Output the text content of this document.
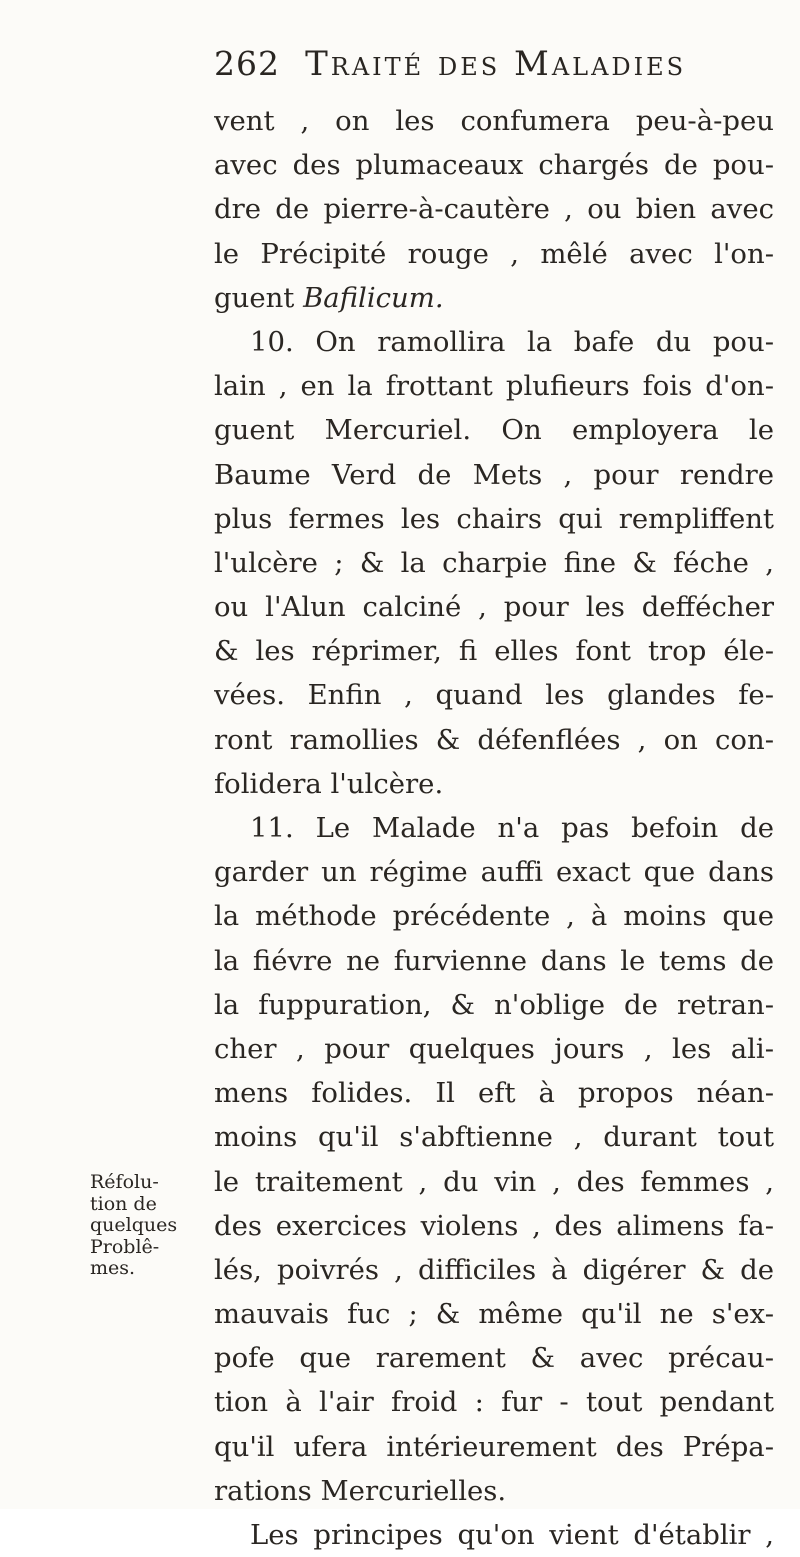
262 Traité des Maladies
vent , on les confumera peu-à-peu
avec des plumaceaux chargés de pou-
dre de pierre-à-cautère , ou bien avec
le Précipité rouge , mêlé avec l'on-
guent Bafilicum.
10. On ramollira la bafe du pou-
lain , en la frottant plufieurs fois d'on-
guent Mercuriel. On employera le
Baume Verd de Mets , pour rendre
plus fermes les chairs qui rempliffent
l'ulcère ; & la charpie fine & féche ,
ou l'Alun calciné , pour les deffécher
& les réprimer, fi elles font trop éle-
vées. Enfin , quand les glandes fe-
ront ramollies & défenflées , on con-
folidera l'ulcère.
11. Le Malade n'a pas befoin de
garder un régime auffi exact que dans
la méthode précédente , à moins que
la fiévre ne furvienne dans le tems de
la fuppuration, & n'oblige de retran-
cher , pour quelques jours , les ali-
mens folides. Il eft à propos néan-
moins qu'il s'abftienne , durant tout
le traitement , du vin , des femmes ,
des exercices violens , des alimens fa-
lés, poivrés , difficiles à digérer & de
mauvais fuc ; & même qu'il ne s'ex-
pofe que rarement & avec précau-
tion à l'air froid : fur - tout pendant
qu'il ufera intérieurement des Prépa-
rations Mercurielles.
Les principes qu'on vient d'établir ,
Réfolu-
tion de
quelques
Problê-
mes.
